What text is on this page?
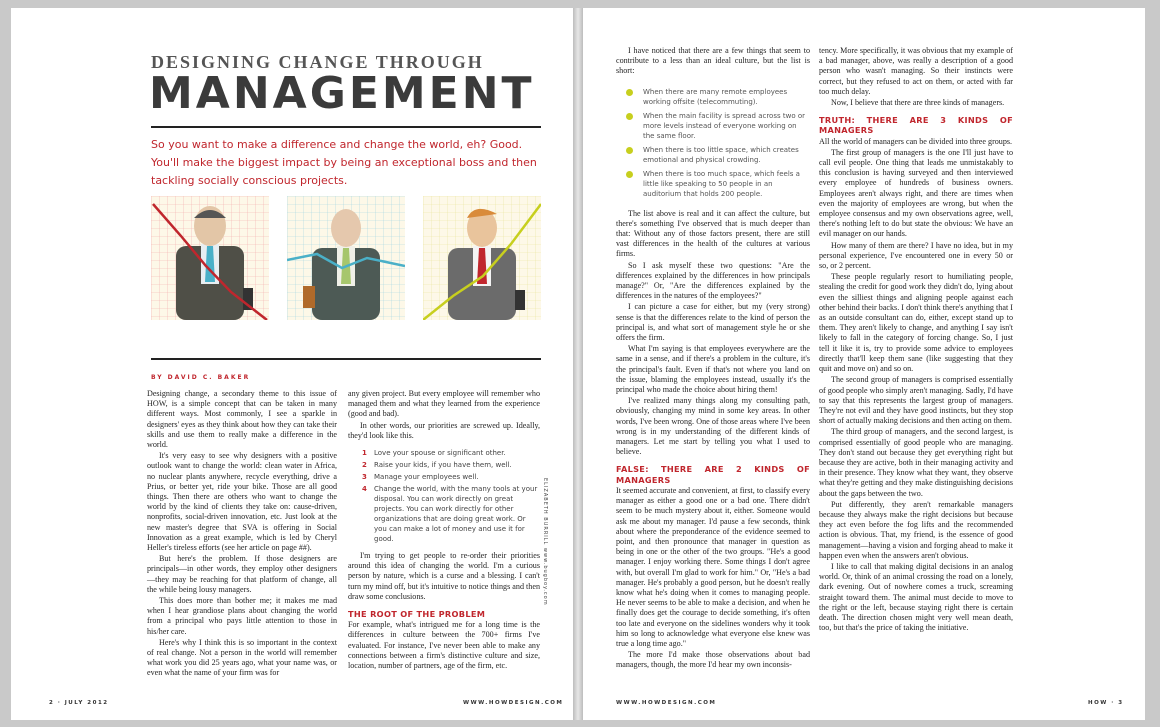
DESIGNING CHANGE THROUGH
MANAGEMENT
So you want to make a difference and change the world, eh? Good. You'll make the biggest impact by being an exceptional boss and then tackling socially conscious projects.
BY DAVID C. BAKER

Designing change, a secondary theme to this issue of HOW, is a simple concept that can be taken in many different ways. Most commonly, I see a sparkle in designers' eyes as they think about how they can take their skills and use them to really make a difference in the world.

It's very easy to see why designers with a positive outlook want to change the world: clean water in Africa, no nuclear plants anywhere, recycle everything, drive a Prius, or better yet, ride your bike. Those are all good things. Then there are others who want to change the world by the kind of clients they take on: cause-driven, nonprofits, social-driven innovation, etc. Just look at the new master's degree that SVA is offering in Social Innovation as a great example, which is led by Cheryl Heller's tireless efforts (see her article on page ##).

But here's the problem. If those designers are principals—in other words, they employ other designers—they may be reaching for that platform of change, all the while being lousy managers.

This does more than bother me; it makes me mad when I hear grandiose plans about changing the world from a principal who pays little attention to those in his/her care.

Here's why I think this is so important in the context of real change. Not a person in the world will remember what work you did 25 years ago, what your name was, or even what the name of your firm was for

any given project. But every employee will remember who managed them and what they learned from the experience (good and bad).

In other words, our priorities are screwed up. Ideally, they'd look like this.

1	Love your spouse or significant other.
2	Raise your kids, if you have them, well.
3	Manage your employees well.
4	Change the world, with the many tools at your disposal. You can work directly on great projects. You can work directly for other organizations that are doing great work. Or you can make a lot of money and use it for good.

I'm trying to get people to re-order their priorities around this idea of changing the world. I'm a curious person by nature, which is a curse and a blessing. I can't turn my mind off, but it's intuitive to notice things and then draw some conclusions.

THE ROOT OF THE PROBLEM

For example, what's intrigued me for a long time is the differences in culture between the 700+ firms I've evaluated. For instance, I've never been able to make any connections between a firm's distinctive culture and size, location, number of partners, age of the firm, etc.

ELIZABETH BURRILL www.bugboy.com
2 · JULY 2012	WWW.HOWDESIGN.COM

I have noticed that there are a few things that seem to contribute to a less than an ideal culture, but the list is short:

When there are many remote employees working offsite (telecommuting).
When the main facility is spread across two or more levels instead of everyone working on the same floor.
When there is too little space, which creates emotional and physical crowding.
When there is too much space, which feels a little like speaking to 50 people in an auditorium that holds 200 people.

The list above is real and it can affect the culture, but there's something I've observed that is much deeper than that: Without any of those factors present, there are still vast differences in the health of the cultures at various firms.

So I ask myself these two questions: "Are the differences explained by the differences in how principals manage?" Or, "Are the differences explained by the differences in the natures of the employees?"

I can picture a case for either, but my (very strong) sense is that the differences relate to the kind of person the principal is, and what sort of management style he or she offers the firm.

What I'm saying is that employees everywhere are the same in a sense, and if there's a problem in the culture, it's the principal's fault. Even if that's not where you land on the issue, blaming the employees instead, usually it's the principal who made the choice about hiring them!

I've realized many things along my consulting path, obviously, changing my mind in some key areas. In other words, I've been wrong. One of those areas where I've been wrong is in my understanding of the different kinds of managers. Let me start by telling you what I used to believe.

FALSE: THERE ARE 2 KINDS OF MANAGERS

It seemed accurate and convenient, at first, to classify every manager as either a good one or a bad one. There didn't seem to be much mystery about it, either. Someone would ask me about my manager. I'd pause a few seconds, think about where the preponderance of the evidence seemed to point, and then pronounce that manager in question as being in one or the other of the two groups. "He's a good manager. I enjoy working there. Some things I don't agree with, but overall I'm glad to work for him." Or, "He's a bad manager. He's probably a good person, but he doesn't really know what he's doing when it comes to managing people. He never seems to be able to make a decision, and when he finally does get the courage to decide something, it's often too late and everyone on the sidelines wonders why it took him so long to acknowledge what everyone else knew was true a long time ago."

The more I'd make those observations about bad managers, though, the more I'd hear my own inconsis-

tency. More specifically, it was obvious that my example of a bad manager, above, was really a description of a good person who wasn't managing. So their instincts were correct, but they refused to act on them, or acted with far too much delay.

Now, I believe that there are three kinds of managers.

TRUTH: THERE ARE 3 KINDS OF MANAGERS

All the world of managers can be divided into three groups.

The first group of managers is the one I'll just have to call evil people. One thing that leads me unmistakably to this conclusion is having surveyed and then interviewed every employee of hundreds of business owners. Employees aren't always right, and there are times when even the majority of employees are wrong, but when the employee consensus and my own observations agree, well, there's nothing left to do but state the obvious: We have an evil manager on our hands.

How many of them are there? I have no idea, but in my personal experience, I've encountered one in every 50 or so, or 2 percent.

These people regularly resort to humiliating people, stealing the credit for good work they didn't do, lying about even the silliest things and aligning people against each other behind their backs. I don't think there's anything that I as an outside consultant can do, either, except stand up to them. They aren't likely to change, and anything I say isn't likely to fall in the category of forcing change. So, I just tell it like it is, try to provide some advice to employees directly that'll keep them sane (like suggesting that they quit and move on) and so on.

The second group of managers is comprised essentially of good people who simply aren't managing. Sadly, I'd have to say that this represents the largest group of managers. They're not evil and they have good instincts, but they stop short of actually making decisions and then acting on them.

The third group of managers, and the second largest, is comprised essentially of good people who are managing. They don't stand out because they get everything right but because they are active, both in their managing activity and in their presence. They know what they want, they observe what they're getting and they make distinguishing decisions about the gaps between the two.

Put differently, they aren't remarkable managers because they always make the right decisions but because they act even before the fog lifts and the recommended action is obvious. That, my friend, is the essence of good management—having a vision and forging ahead to make it happen even when the answers aren't obvious.

I like to call that making digital decisions in an analog world. Or, think of an animal crossing the road on a lonely, dark evening. Out of nowhere comes a truck, screaming straight toward them. The animal must decide to move to the right or the left, because staying right there is certain death. The direction chosen might very well mean death, too, but that's the price of taking the initiative.

WWW.HOWDESIGN.COM	HOW · 3
